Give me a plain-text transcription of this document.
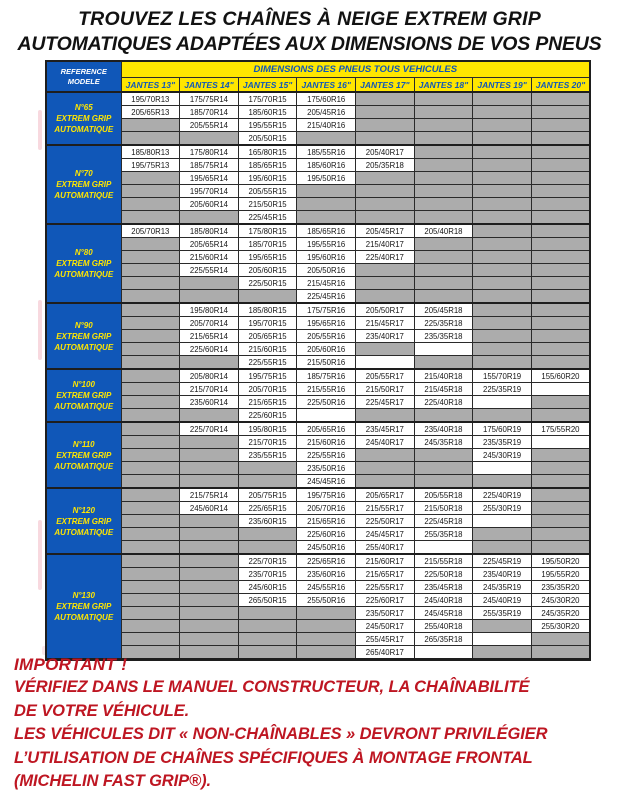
TROUVEZ LES CHAÎNES À NEIGE EXTREM GRIP
AUTOMATIQUES ADAPTÉES AUX DIMENSIONS DE VOS PNEUS
REFERENCE
MODELE	DIMENSIONS DES PNEUS TOUS VEHICULES							
	JANTES 13"	JANTES 14"	JANTES 15"	JANTES 16"	JANTES 17"	JANTES 18"	JANTES 19"	JANTES 20"

N°65
EXTREM GRIP
AUTOMATIQUE	195/70R13	175/75R14	175/70R15	175/60R16				
	205/65R13	185/70R14	185/60R15	205/45R16				
		205/55R14	195/55R15	215/40R16				
			205/50R15					

N°70
EXTREM GRIP
AUTOMATIQUE	185/80R13	175/80R14	165/80R15	185/55R16	205/40R17			
	195/75R13	185/75R14	185/65R15	185/60R16	205/35R18			
		195/65R14	195/60R15	195/50R16				
		195/70R14	205/55R15					
		205/60R14	215/50R15					
			225/45R15					

N°80
EXTREM GRIP
AUTOMATIQUE	205/70R13	185/80R14	175/80R15	185/65R16	205/45R17	205/40R18		
		205/65R14	185/70R15	195/55R16	215/40R17			
		215/60R14	195/65R15	195/60R16	225/40R17			
		225/55R14	205/60R15	205/50R16				
			225/50R15	215/45R16				
				225/45R16				

N°90
EXTREM GRIP
AUTOMATIQUE		195/80R14	185/80R15	175/75R16	205/50R17	205/45R18		
		205/70R14	195/70R15	195/65R16	215/45R17	225/35R18		
		215/65R14	205/65R15	205/55R16	235/40R17	235/35R18		
		225/60R14	215/60R15	205/60R16				
			225/55R15	215/50R16				

N°100
EXTREM GRIP
AUTOMATIQUE		205/80R14	195/75R15	185/75R16	205/55R17	215/40R18	155/70R19	155/60R20
		215/70R14	205/70R15	215/55R16	215/50R17	215/45R18	225/35R19	
		235/60R14	215/65R15	225/50R16	225/45R17	225/40R18		
			225/60R15					

N°110
EXTREM GRIP
AUTOMATIQUE		225/70R14	195/80R15	205/65R16	235/45R17	235/40R18	175/60R19	175/55R20
			215/70R15	215/60R16	245/40R17	245/35R18	235/35R19	
			235/55R15	225/55R16			245/30R19	
				235/50R16				
				245/45R16				

N°120
EXTREM GRIP
AUTOMATIQUE		215/75R14	205/75R15	195/75R16	205/65R17	205/55R18	225/40R19	
		245/60R14	225/65R15	205/70R16	215/55R17	215/50R18	255/30R19	
			235/60R15	215/65R16	225/50R17	225/45R18		
				225/60R16	245/45R17	255/35R18		
				245/50R16	255/40R17			

N°130
EXTREM GRIP
AUTOMATIQUE			225/70R15	225/65R16	215/60R17	215/55R18	225/45R19	195/50R20
			235/70R15	235/60R16	215/65R17	225/50R18	235/40R19	195/55R20
			245/60R15	245/55R16	225/55R17	235/45R18	245/35R19	235/35R20
			265/50R15	255/50R16	225/60R17	245/40R18	245/40R19	245/30R20
					235/50R17	245/45R18	255/35R19	245/35R20
					245/50R17	255/40R18		255/30R20
					255/45R17	265/35R18		
					265/40R17			
IMPORTANT !
VÉRIFIEZ DANS LE MANUEL CONSTRUCTEUR, LA CHAÎNABILITÉ
DE VOTRE VÉHICULE.
LES VÉHICULES DIT « NON-CHAÎNABLES » DEVRONT PRIVILÉGIER
L’UTILISATION DE CHAÎNES SPÉCIFIQUES À MONTAGE FRONTAL
(MICHELIN FAST GRIP®).
